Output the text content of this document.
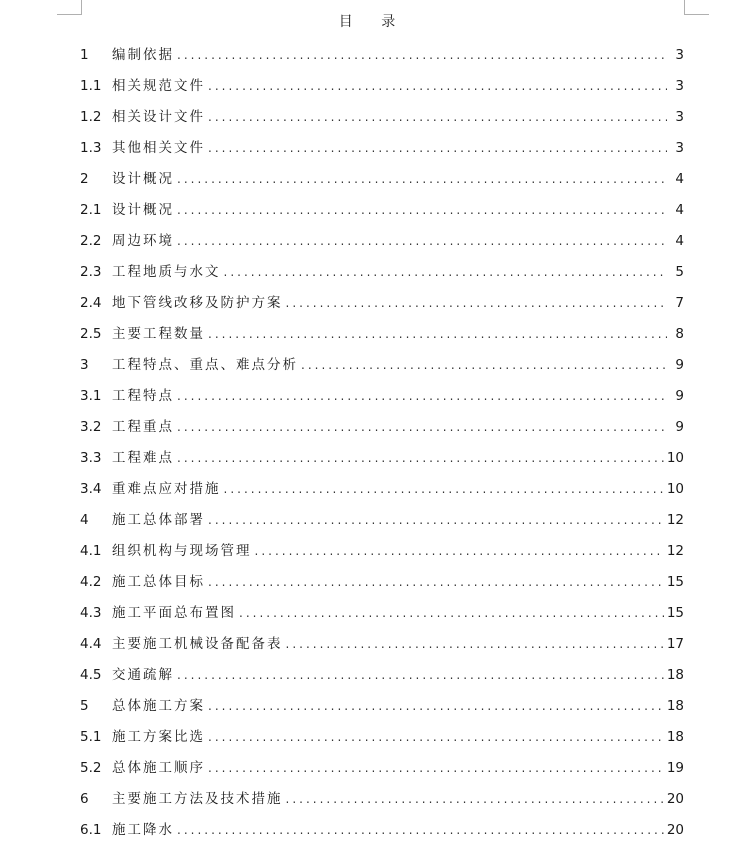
目 录
1	编制依据 .....	3
1.1 相关规范文件 .....	3
1.2 相关设计文件 .....	3
1.3 其他相关文件 .....	3
2	设计概况 .....	4
2.1 设计概况 .....	4
2.2 周边环境 .....	4
2.3 工程地质与水文 .....	5
2.4 地下管线改移及防护方案 .....	7
2.5 主要工程数量 .....	8
3	工程特点、重点、难点分析 .....	9
3.1 工程特点 .....	9
3.2 工程重点 .....	9
3.3 工程难点 .....	10
3.4 重难点应对措施 .....	10
4	施工总体部署 .....	12
4.1 组织机构与现场管理 .....	12
4.2 施工总体目标 .....	15
4.3 施工平面总布置图 .....	15
4.4 主要施工机械设备配备表 .....	17
4.5 交通疏解 .....	18
5	总体施工方案 .....	18
5.1 施工方案比选 .....	18
5.2 总体施工顺序 .....	19
6	主要施工方法及技术措施 .....	20
6.1 施工降水 .....	20
